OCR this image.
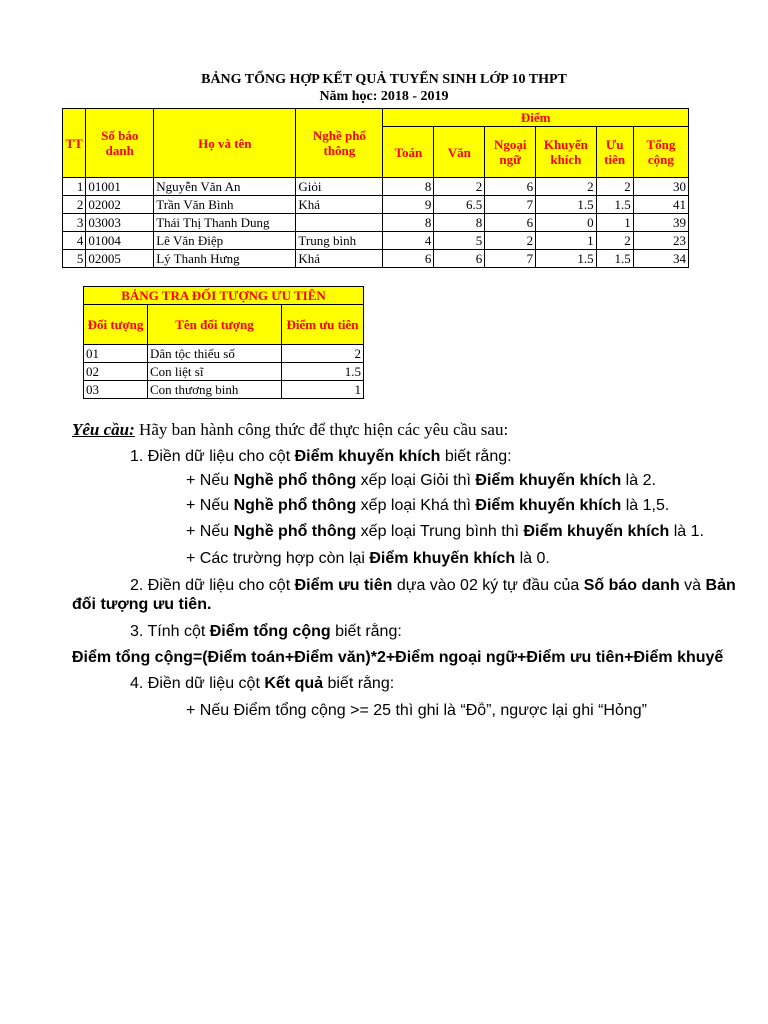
BẢNG TỔNG HỢP KẾT QUẢ TUYỂN SINH LỚP 10 THPT
Năm học: 2018 - 2019
TT	Số báo danh	Họ và tên	Nghề phổ thông	Điểm					
				Toán	Văn	Ngoại ngữ	Khuyến khích	Ưu tiên	Tổng cộng
1	01001	Nguyễn Văn An	Giỏi	8	2	6	2	2	30
2	02002	Trần Văn Bình	Khá	9	6.5	7	1.5	1.5	41
3	03003	Thái Thị Thanh Dung		8	8	6	0	1	39
4	01004	Lê Văn Điệp	Trung bình	4	5	2	1	2	23
5	02005	Lý Thanh Hưng	Khá	6	6	7	1.5	1.5	34
BẢNG TRA ĐỐI TƯỢNG ƯU TIÊN		
Đối tượng	Tên đối tượng	Điểm ưu tiên
01	Dân tộc thiểu số	2
02	Con liệt sĩ	1.5
03	Con thương binh	1
Yêu cầu: Hãy ban hành công thức để thực hiện các yêu cầu sau:
1. Điền dữ liệu cho cột Điểm khuyến khích biết rằng:
+ Nếu Nghề phổ thông xếp loại Giỏi thì Điểm khuyến khích là 2.
+ Nếu Nghề phổ thông xếp loại Khá thì Điểm khuyến khích là 1,5.
+ Nếu Nghề phổ thông xếp loại Trung bình thì Điểm khuyến khích là 1.
+ Các trường hợp còn lại Điểm khuyến khích là 0.
2. Điền dữ liệu cho cột Điểm ưu tiên dựa vào 02 ký tự đầu của Số báo danh và Bản
đối tượng ưu tiên.
3. Tính cột Điểm tổng cộng biết rằng:
Điểm tổng cộng=(Điểm toán+Điểm văn)*2+Điểm ngoại ngữ+Điểm ưu tiên+Điểm khuyế
4. Điền dữ liệu cột Kết quả biết rằng:
+ Nếu Điểm tổng cộng >= 25 thì ghi là “Đỗ”, ngược lại ghi “Hỏng”
